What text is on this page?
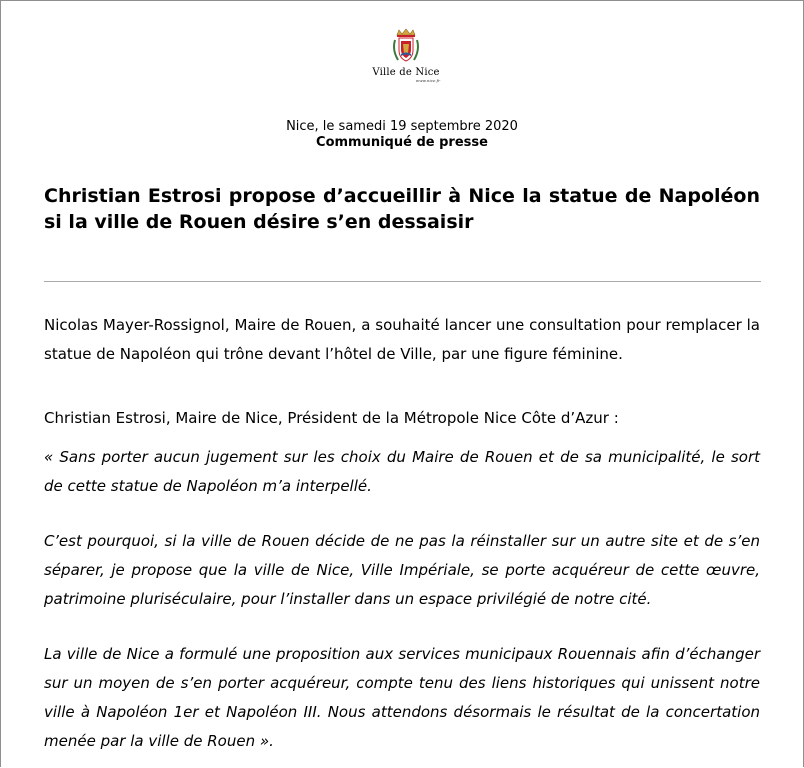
Ville de Nice
www.nice.fr
Nice, le samedi 19 septembre 2020
Communiqué de presse
Christian Estrosi propose d’accueillir à Nice la statue de Napoléon si la ville de Rouen désire s’en dessaisir

Nicolas Mayer-Rossignol, Maire de Rouen, a souhaité lancer une consultation pour remplacer la statue de Napoléon qui trône devant l’hôtel de Ville, par une figure féminine.

Christian Estrosi, Maire de Nice, Président de la Métropole Nice Côte d’Azur :

« Sans porter aucun jugement sur les choix du Maire de Rouen et de sa municipalité, le sort de cette statue de Napoléon m’a interpellé.

C’est pourquoi, si la ville de Rouen décide de ne pas la réinstaller sur un autre site et de s’en séparer, je propose que la ville de Nice, Ville Impériale, se porte acquéreur de cette œuvre, patrimoine pluriséculaire, pour l’installer dans un espace privilégié de notre cité.

La ville de Nice a formulé une proposition aux services municipaux Rouennais afin d’échanger sur un moyen de s’en porter acquéreur, compte tenu des liens historiques qui unissent notre ville à Napoléon 1er et Napoléon III. Nous attendons désormais le résultat de la concertation menée par la ville de Rouen ».
